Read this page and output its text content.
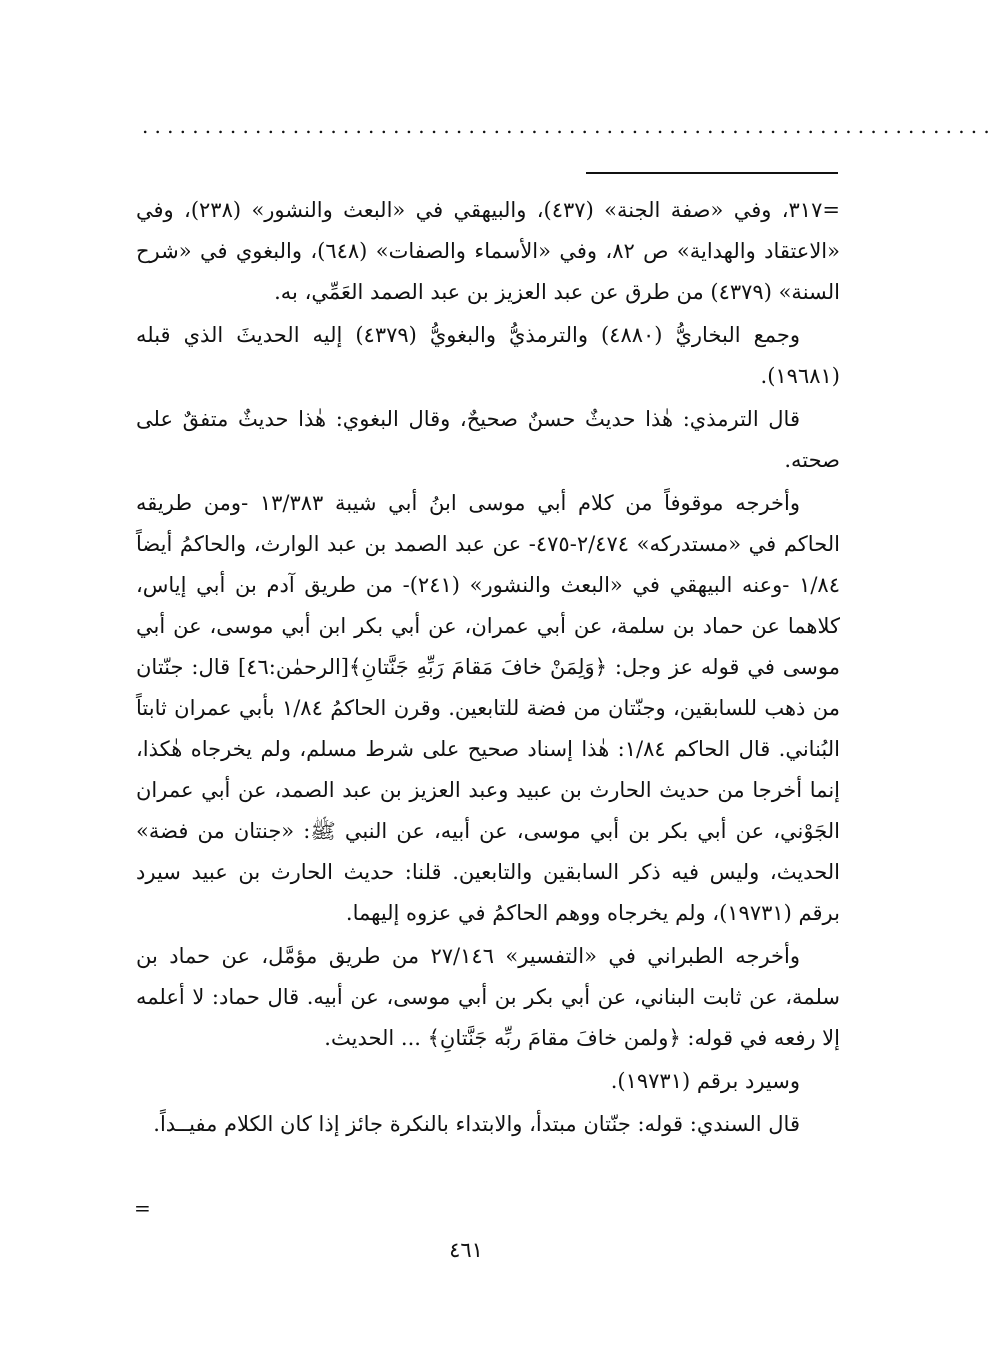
....................................................................

=٣١٧، وفي «صفة الجنة» (٤٣٧)، والبيهقي في «البعث والنشور» (٢٣٨)، وفي «الاعتقاد والهداية» ص ٨٢، وفي «الأسماء والصفات» (٦٤٨)، والبغوي في «شرح السنة» (٤٣٧٩) من طرق عن عبد العزيز بن عبد الصمد العَمِّي، به.

وجمع البخاريُّ (٤٨٨٠) والترمذيُّ والبغويُّ (٤٣٧٩) إليه الحديثَ الذي قبله (١٩٦٨١).

قال الترمذي: هٰذا حديثٌ حسنٌ صحيحٌ، وقال البغوي: هٰذا حديثٌ متفقٌ على صحته.

وأخرجه موقوفاً من كلام أبي موسى ابنُ أبي شيبة ١٣/٣٨٣ -ومن طريقه الحاكم في «مستدركه» ٢/٤٧٤-٤٧٥- عن عبد الصمد بن عبد الوارث، والحاكمُ أيضاً ١/٨٤ -وعنه البيهقي في «البعث والنشور» (٢٤١)- من طريق آدم بن أبي إياس، كلاهما عن حماد بن سلمة، عن أبي عمران، عن أبي بكر ابن أبي موسى، عن أبي موسى في قوله عز وجل: ﴿وَلِمَنْ خافَ مَقامَ رَبِّهِ جَنَّتانِ﴾[الرحمٰن:٤٦] قال: جنّتان من ذهب للسابقين، وجنّتان من فضة للتابعين. وقرن الحاكمُ ١/٨٤ بأبي عمران ثابتاً البُناني. قال الحاكم ١/٨٤: هٰذا إسناد صحيح على شرط مسلم، ولم يخرجاه هٰكذا، إنما أخرجا من حديث الحارث بن عبيد وعبد العزيز بن عبد الصمد، عن أبي عمران الجَوْني، عن أبي بكر بن أبي موسى، عن أبيه، عن النبي ﷺ: «جنتان من فضة» الحديث، وليس فيه ذكر السابقين والتابعين. قلنا: حديث الحارث بن عبيد سيرد برقم (١٩٧٣١)، ولم يخرجاه ووهم الحاكمُ في عزوه إليهما.

وأخرجه الطبراني في «التفسير» ٢٧/١٤٦ من طريق مؤمَّل، عن حماد بن سلمة، عن ثابت البناني، عن أبي بكر بن أبي موسى، عن أبيه. قال حماد: لا أعلمه إلا رفعه في قوله: ﴿ولمن خافَ مقامَ ربِّه جَنَّتانِ﴾ ... الحديث.

وسيرد برقم (١٩٧٣١).

قال السندي: قوله: جنّتان مبتدأ، والابتداء بالنكرة جائز إذا كان الكلام مفيــداً.

=
٤٦١
